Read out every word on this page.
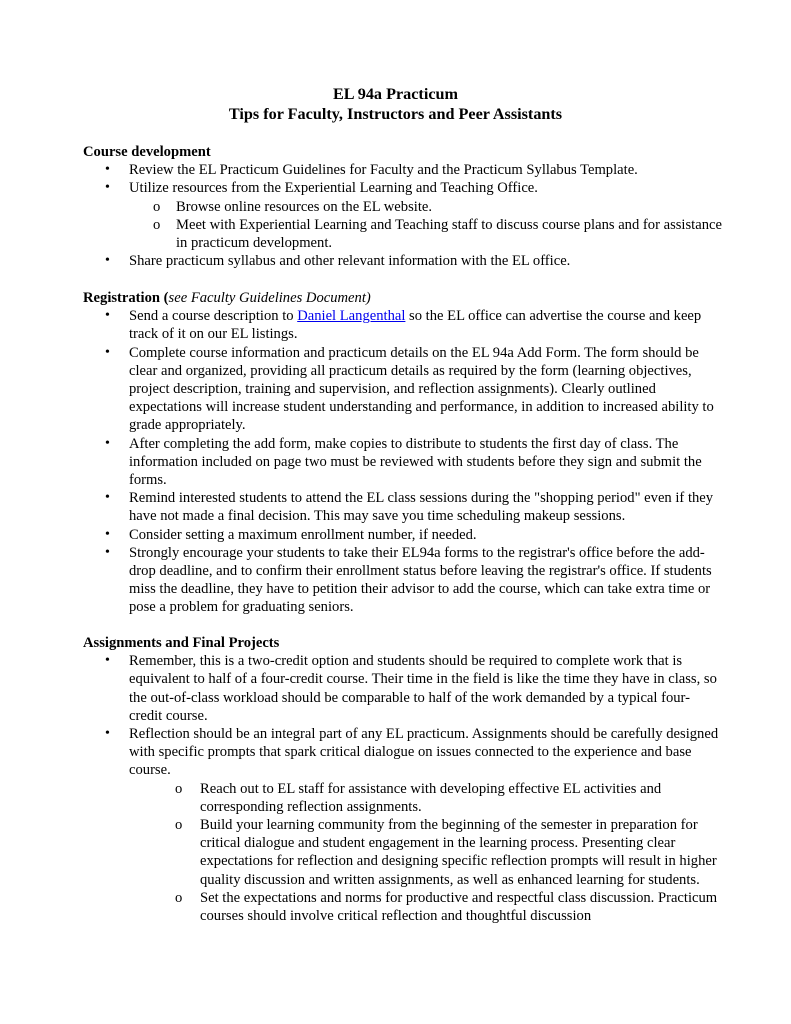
EL 94a Practicum
Tips for Faculty, Instructors and Peer Assistants
Course development
• Review the EL Practicum Guidelines for Faculty and the Practicum Syllabus Template.
• Utilize resources from the Experiential Learning and Teaching Office.
o Browse online resources on the EL website.
o Meet with Experiential Learning and Teaching staff to discuss course plans and for assistance in practicum development.
• Share practicum syllabus and other relevant information with the EL office.
Registration (see Faculty Guidelines Document)
• Send a course description to Daniel Langenthal so the EL office can advertise the course and keep track of it on our EL listings.
• Complete course information and practicum details on the EL 94a Add Form. The form should be clear and organized, providing all practicum details as required by the form (learning objectives, project description, training and supervision, and reflection assignments). Clearly outlined expectations will increase student understanding and performance, in addition to increased ability to grade appropriately.
• After completing the add form, make copies to distribute to students the first day of class. The information included on page two must be reviewed with students before they sign and submit the forms.
• Remind interested students to attend the EL class sessions during the "shopping period" even if they have not made a final decision. This may save you time scheduling makeup sessions.
• Consider setting a maximum enrollment number, if needed.
• Strongly encourage your students to take their EL94a forms to the registrar's office before the add-drop deadline, and to confirm their enrollment status before leaving the registrar's office. If students miss the deadline, they have to petition their advisor to add the course, which can take extra time or pose a problem for graduating seniors.
Assignments and Final Projects
• Remember, this is a two-credit option and students should be required to complete work that is equivalent to half of a four-credit course. Their time in the field is like the time they have in class, so the out-of-class workload should be comparable to half of the work demanded by a typical four-credit course.
• Reflection should be an integral part of any EL practicum. Assignments should be carefully designed with specific prompts that spark critical dialogue on issues connected to the experience and base course.
o Reach out to EL staff for assistance with developing effective EL activities and corresponding reflection assignments.
o Build your learning community from the beginning of the semester in preparation for critical dialogue and student engagement in the learning process. Presenting clear expectations for reflection and designing specific reflection prompts will result in higher quality discussion and written assignments, as well as enhanced learning for students.
o Set the expectations and norms for productive and respectful class discussion. Practicum courses should involve critical reflection and thoughtful discussion
